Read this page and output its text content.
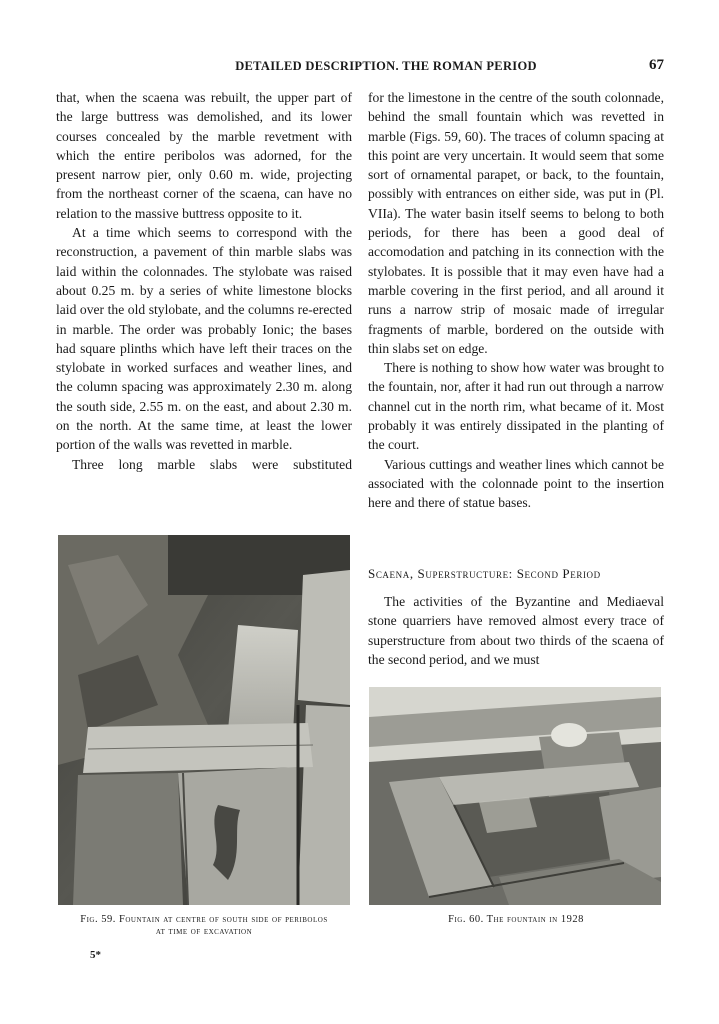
DETAILED DESCRIPTION. THE ROMAN PERIOD	67

that, when the scaena was rebuilt, the upper part of the large buttress was demolished, and its lower courses concealed by the marble revetment with which the entire peribolos was adorned, for the present narrow pier, only 0.60 m. wide, projecting from the northeast corner of the scaena, can have no relation to the massive buttress opposite to it.

At a time which seems to correspond with the reconstruction, a pavement of thin marble slabs was laid within the colonnades. The stylobate was raised about 0.25 m. by a series of white limestone blocks laid over the old stylobate, and the columns re-erected in marble. The order was probably Ionic; the bases had square plinths which have left their traces on the stylobate in worked surfaces and weather lines, and the column spacing was approximately 2.30 m. along the south side, 2.55 m. on the east, and about 2.30 m. on the north. At the same time, at least the lower portion of the walls was revetted in marble.

Three long marble slabs were substituted

for the limestone in the centre of the south colonnade, behind the small fountain which was revetted in marble (Figs. 59, 60). The traces of column spacing at this point are very uncertain. It would seem that some sort of ornamental parapet, or back, to the fountain, possibly with entrances on either side, was put in (Pl. VIIa). The water basin itself seems to belong to both periods, for there has been a good deal of accomodation and patching in its connection with the stylobates. It is possible that it may even have had a marble covering in the first period, and all around it runs a narrow strip of mosaic made of irregular fragments of marble, bordered on the outside with thin slabs set on edge.

There is nothing to show how water was brought to the fountain, nor, after it had run out through a narrow channel cut in the north rim, what became of it. Most probably it was entirely dissipated in the planting of the court.

Various cuttings and weather lines which cannot be associated with the colonnade point to the insertion here and there of statue bases.

Scaena, Superstructure: Second Period

The activities of the Byzantine and Mediaeval stone quarriers have removed almost every trace of superstructure from about two thirds of the scaena of the second period, and we must

Fig. 59. Fountain at centre of south side of peribolos
at time of excavation
Fig. 60. The fountain in 1928
5*
